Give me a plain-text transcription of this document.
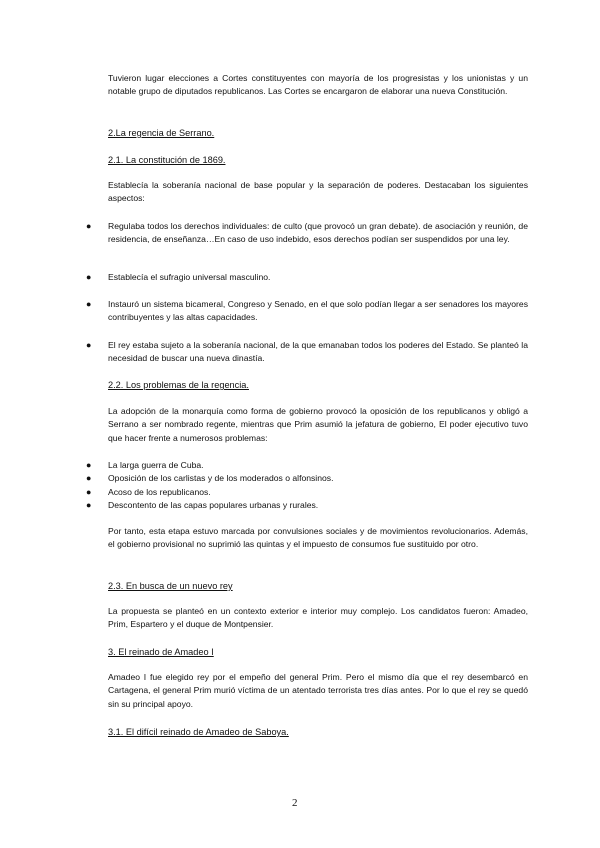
Tuvieron lugar elecciones a Cortes constituyentes con mayoría de los progresistas y los unionistas y un notable grupo de diputados republicanos. Las Cortes se encargaron de elaborar una nueva Constitución.

2.La regencia de Serrano.
2.1. La constitución de 1869.

Establecía la soberanía nacional de base popular y la separación de poderes. Destacaban los siguientes aspectos:

●	Regulaba todos los derechos individuales: de culto (que provocó un gran debate). de asociación y reunión, de residencia, de enseñanza…En caso de uso indebido, esos derechos podían ser suspendidos por una ley.
●	Establecía el sufragio universal masculino.
●	Instauró un sistema bicameral, Congreso y Senado, en el que solo podían llegar a ser senadores los mayores contribuyentes y las altas capacidades.
●	El rey estaba sujeto a la soberanía nacional, de la que emanaban todos los poderes del Estado. Se planteó la necesidad de buscar una nueva dinastía.
2.2. Los problemas de la regencia.

La adopción de la monarquía como forma de gobierno provocó la oposición de los republicanos y obligó a Serrano a ser nombrado regente, mientras que Prim asumió la jefatura de gobierno, El poder ejecutivo tuvo que hacer frente a numerosos problemas:

●	La larga guerra de Cuba.
●	Oposición de los carlistas y de los moderados o alfonsinos.
●	Acoso de los republicanos.
●	Descontento de las capas populares urbanas y rurales.

Por tanto, esta etapa estuvo marcada por convulsiones sociales y de movimientos revolucionarios. Además, el gobierno provisional no suprimió las quintas y el impuesto de consumos fue sustituido por otro.

2.3. En busca de un nuevo rey

La propuesta se planteó en un contexto exterior e interior muy complejo. Los candidatos fueron: Amadeo, Prim, Espartero y el duque de Montpensier.

3. El reinado de Amadeo I

Amadeo I fue elegido rey por el empeño del general Prim. Pero el mismo día que el rey desembarcó en Cartagena, el general Prim murió víctima de un atentado terrorista tres días antes. Por lo que el rey se quedó sin su principal apoyo.

3.1. El difícil reinado de Amadeo de Saboya.
2
